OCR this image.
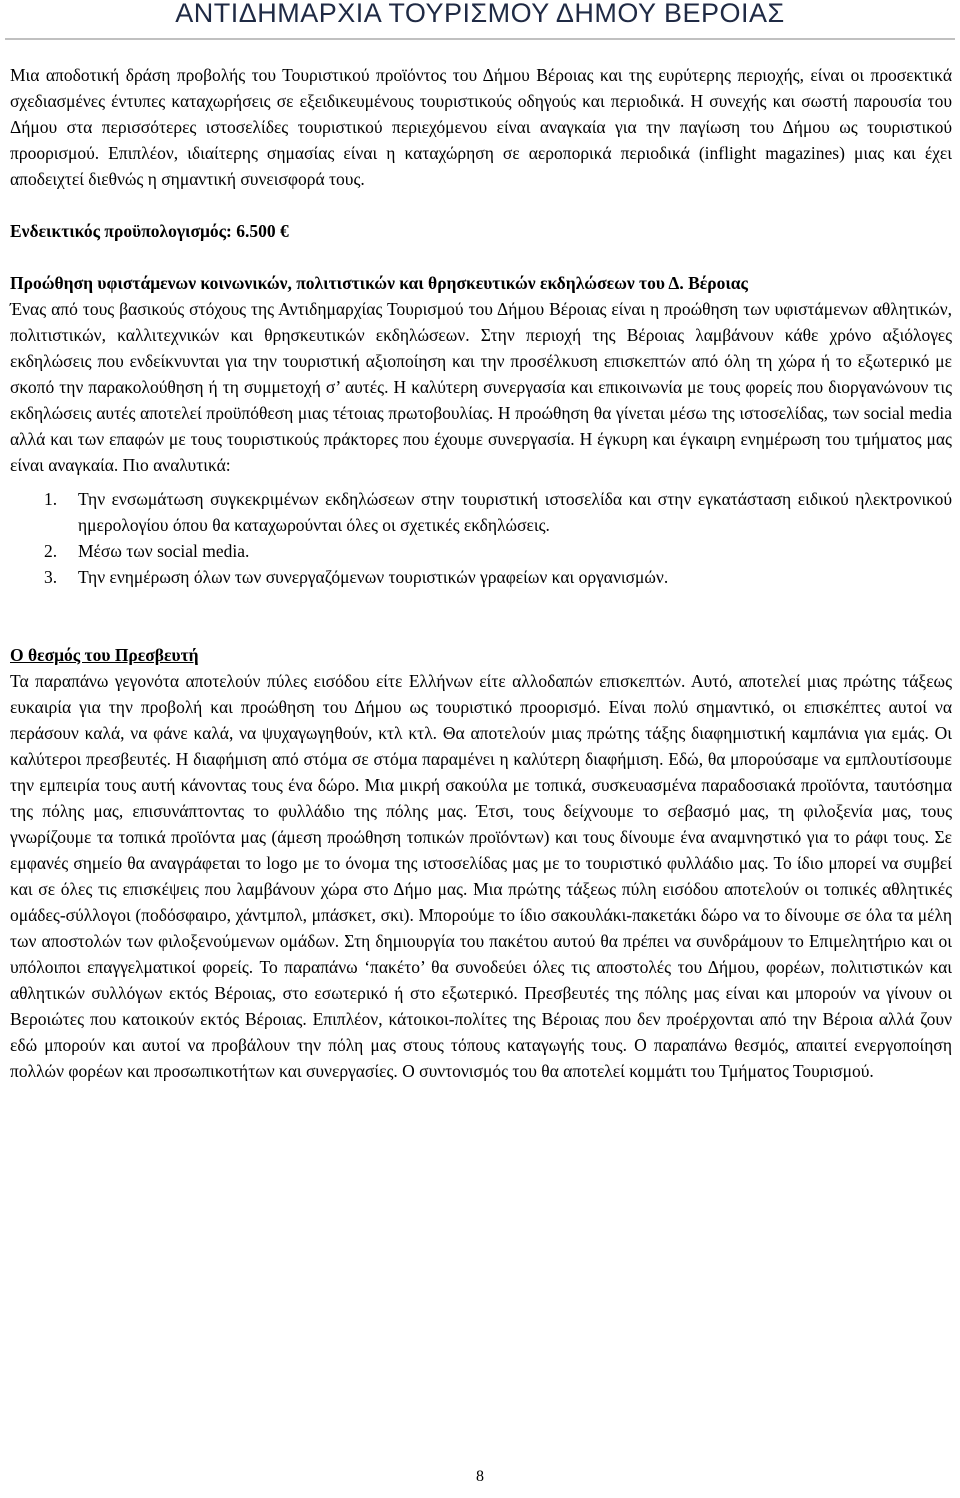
ΑΝΤΙΔΗΜΑΡΧΙΑ ΤΟΥΡΙΣΜΟΥ ΔΗΜΟΥ ΒΕΡΟΙΑΣ

Μια αποδοτική δράση προβολής του Τουριστικού προϊόντος του Δήμου Βέροιας και της ευρύτερης περιοχής, είναι οι προσεκτικά σχεδιασμένες έντυπες καταχωρήσεις σε εξειδικευμένους τουριστικούς οδηγούς και περιοδικά. Η συνεχής και σωστή παρουσία του Δήμου στα περισσότερες ιστοσελίδες τουριστικού περιεχόμενου είναι αναγκαία για την παγίωση του Δήμου ως τουριστικού προορισμού. Επιπλέον, ιδιαίτερης σημασίας είναι η καταχώρηση σε αεροπορικά περιοδικά (inflight magazines) μιας και έχει αποδειχτεί διεθνώς η σημαντική συνεισφορά τους.

Ενδεικτικός προϋπολογισμός: 6.500 €

Προώθηση υφιστάμενων κοινωνικών, πολιτιστικών και θρησκευτικών εκδηλώσεων του Δ. Βέροιας

Ένας από τους βασικούς στόχους της Αντιδημαρχίας Τουρισμού του Δήμου Βέροιας είναι η προώθηση των υφιστάμενων αθλητικών, πολιτιστικών, καλλιτεχνικών και θρησκευτικών εκδηλώσεων. Στην περιοχή της Βέροιας λαμβάνουν κάθε χρόνο αξιόλογες εκδηλώσεις που ενδείκνυνται για την τουριστική αξιοποίηση και την προσέλκυση επισκεπτών από όλη τη χώρα ή το εξωτερικό με σκοπό την παρακολούθηση ή τη συμμετοχή σ’ αυτές. Η καλύτερη συνεργασία και επικοινωνία με τους φορείς που διοργανώνουν τις εκδηλώσεις αυτές αποτελεί προϋπόθεση μιας τέτοιας πρωτοβουλίας. Η προώθηση θα γίνεται μέσω της ιστοσελίδας, των social media αλλά και των επαφών με τους τουριστικούς πράκτορες που έχουμε συνεργασία. Η έγκυρη και έγκαιρη ενημέρωση του τμήματος μας είναι αναγκαία. Πιο αναλυτικά:

1.	Την ενσωμάτωση συγκεκριμένων εκδηλώσεων στην τουριστική ιστοσελίδα και στην εγκατάσταση ειδικού ηλεκτρονικού ημερολογίου όπου θα καταχωρούνται όλες οι σχετικές εκδηλώσεις.
2.	Μέσω των social media.
3.	Την ενημέρωση όλων των συνεργαζόμενων τουριστικών γραφείων και οργανισμών.

Ο θεσμός του Πρεσβευτή

Τα παραπάνω γεγονότα αποτελούν πύλες εισόδου είτε Ελλήνων είτε αλλοδαπών επισκεπτών. Αυτό, αποτελεί μιας πρώτης τάξεως ευκαιρία για την προβολή και προώθηση του Δήμου ως τουριστικό προορισμό. Είναι πολύ σημαντικό, οι επισκέπτες αυτοί να περάσουν καλά, να φάνε καλά, να ψυχαγωγηθούν, κτλ κτλ. Θα αποτελούν μιας πρώτης τάξης διαφημιστική καμπάνια για εμάς. Οι καλύτεροι πρεσβευτές. Η διαφήμιση από στόμα σε στόμα παραμένει η καλύτερη διαφήμιση. Εδώ, θα μπορούσαμε να εμπλουτίσουμε την εμπειρία τους αυτή κάνοντας τους ένα δώρο. Μια μικρή σακούλα με τοπικά, συσκευασμένα παραδοσιακά προϊόντα, ταυτόσημα της πόλης μας, επισυνάπτοντας το φυλλάδιο της πόλης μας. Έτσι, τους δείχνουμε το σεβασμό μας, τη φιλοξενία μας, τους γνωρίζουμε τα τοπικά προϊόντα μας (άμεση προώθηση τοπικών προϊόντων) και τους δίνουμε ένα αναμνηστικό για το ράφι τους. Σε εμφανές σημείο θα αναγράφεται το logo με το όνομα της ιστοσελίδας μας με το τουριστικό φυλλάδιο μας. Το ίδιο μπορεί να συμβεί και σε όλες τις επισκέψεις που λαμβάνουν χώρα στο Δήμο μας. Μια πρώτης τάξεως πύλη εισόδου αποτελούν οι τοπικές αθλητικές ομάδες-σύλλογοι (ποδόσφαιρο, χάντμπολ, μπάσκετ, σκι). Μπορούμε το ίδιο σακουλάκι-πακετάκι δώρο να το δίνουμε σε όλα τα μέλη των αποστολών των φιλοξενούμενων ομάδων. Στη δημιουργία του πακέτου αυτού θα πρέπει να συνδράμουν το Επιμελητήριο και οι υπόλοιποι επαγγελματικοί φορείς. Το παραπάνω ‘πακέτο’ θα συνοδεύει όλες τις αποστολές του Δήμου, φορέων, πολιτιστικών και αθλητικών συλλόγων εκτός Βέροιας, στο εσωτερικό ή στο εξωτερικό. Πρεσβευτές της πόλης μας είναι και μπορούν να γίνουν οι Βεροιώτες που κατοικούν εκτός Βέροιας. Επιπλέον, κάτοικοι-πολίτες της Βέροιας που δεν προέρχονται από την Βέροια αλλά ζουν εδώ μπορούν και αυτοί να προβάλουν την πόλη μας στους τόπους καταγωγής τους. Ο παραπάνω θεσμός, απαιτεί ενεργοποίηση πολλών φορέων και προσωπικοτήτων και συνεργασίες. Ο συντονισμός του θα αποτελεί κομμάτι του Τμήματος Τουρισμού.

8
